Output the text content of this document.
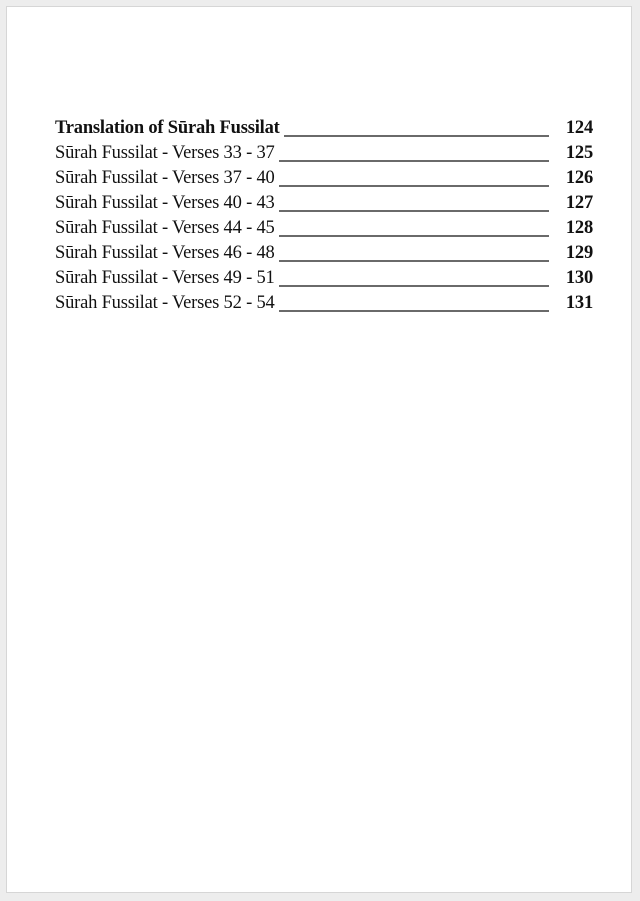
Translation of Sūrah Fussilat	124
Sūrah Fussilat - Verses 33 - 37	125
Sūrah Fussilat - Verses 37 - 40	126
Sūrah Fussilat - Verses 40 - 43	127
Sūrah Fussilat - Verses 44 - 45	128
Sūrah Fussilat - Verses 46 - 48	129
Sūrah Fussilat - Verses 49 - 51	130
Sūrah Fussilat - Verses 52 - 54	131
